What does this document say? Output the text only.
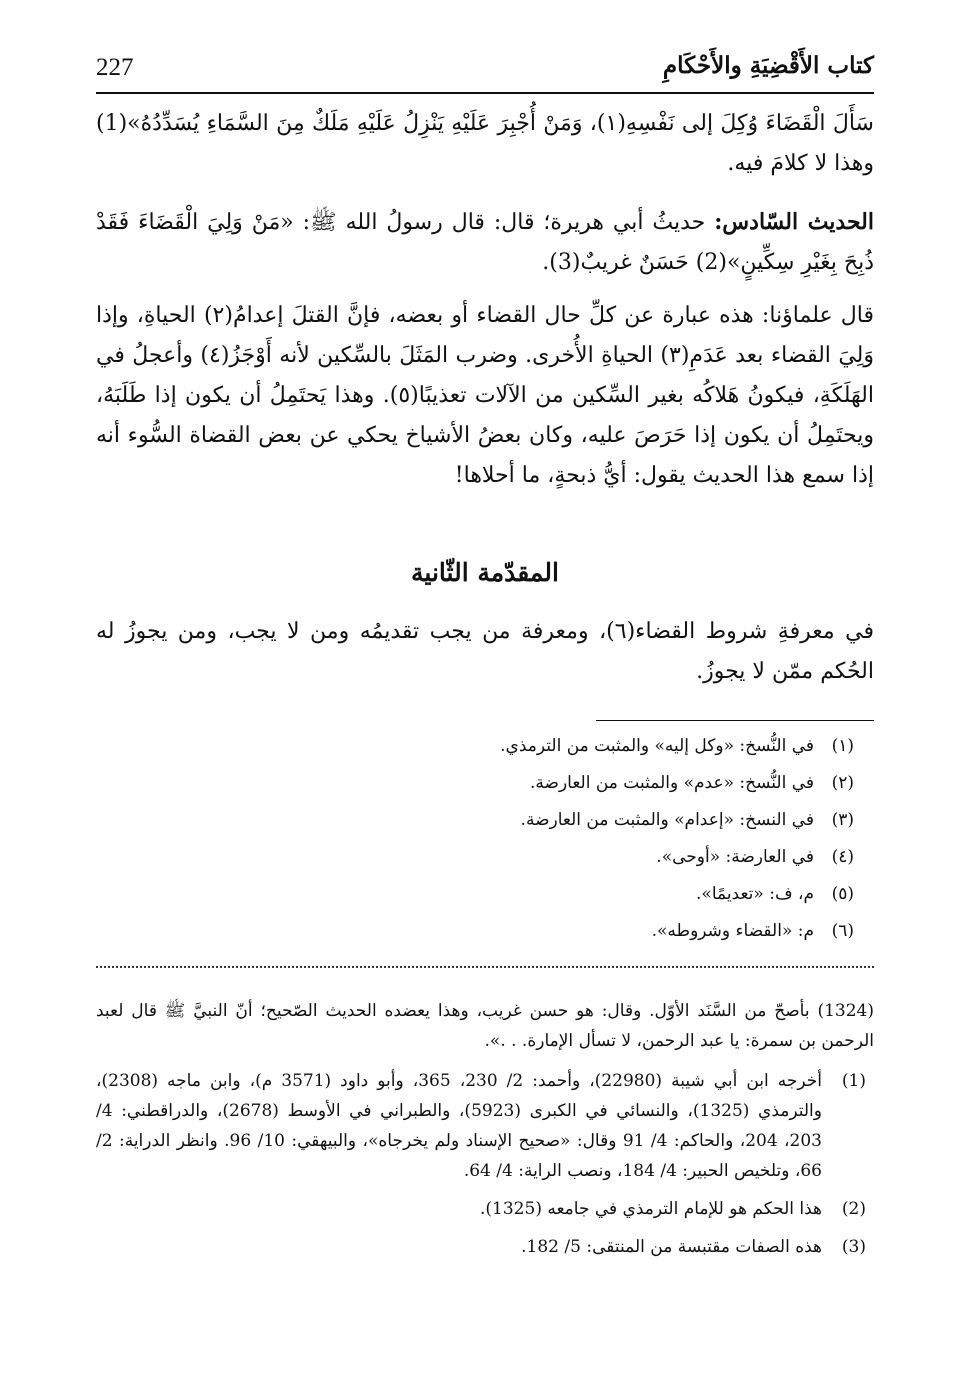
227	كتاب الأَقْضِيَةِ والأَحْكَامِ

سَأَلَ الْقَضَاءَ وُكِلَ إلى نَفْسِهِ(١)، وَمَنْ أُجْبِرَ عَلَيْهِ يَنْزِلُ عَلَيْهِ مَلَكٌ مِنَ السَّمَاءِ يُسَدِّدُهُ»(1) وهذا لا كلامَ فيه.

الحديث السّادس: حديثُ أبي هريرة؛ قال: قال رسولُ الله ﷺ: «مَنْ وَلِيَ الْقَضَاءَ فَقَدْ ذُبِحَ بِغَيْرِ سِكِّينٍ»(2) حَسَنٌ غريبٌ(3).

قال علماؤنا: هذه عبارة عن كلِّ حال القضاء أو بعضه، فإنَّ القتلَ إعدامُ(٢) الحياةِ، وإذا وَلِيَ القضاء بعد عَدَمِ(٣) الحياةِ الأُخرى. وضرب المَثَلَ بالسِّكين لأنه أَوْجَزُ(٤) وأعجلُ في الهَلَكَةِ، فيكونُ هَلاكُه بغير السِّكين من الآلات تعذيبًا(٥). وهذا يَحتَمِلُ أن يكون إذا طَلَبَهُ، ويحتَمِلُ أن يكون إذا حَرَصَ عليه، وكان بعضُ الأشياخ يحكي عن بعض القضاة السُّوء أنه إذا سمع هذا الحديث يقول: أيُّ ذبحةٍ، ما أحلاها!

المقدّمة الثّانية

في معرفةِ شروط القضاء(٦)، ومعرفة من يجب تقديمُه ومن لا يجب، ومن يجوزُ له الحُكم ممّن لا يجوزُ.

(١)
في النُّسخ: «وكل إليه» والمثبت من الترمذي.
(٢)
في النُّسخ: «عدم» والمثبت من العارضة.
(٣)
في النسخ: «إعدام» والمثبت من العارضة.
(٤)
في العارضة: «أوحى».
(٥)
م، ف: «تعديمًا».
(٦)
م: «القضاء وشروطه».
(1324) بأصحّ من السَّنَد الأوّل. وقال: هو حسن غريب، وهذا يعضده الحديث الصّحيح؛ أنّ النبيَّ ﷺ قال لعبد الرحمن بن سمرة: يا عبد الرحمن، لا تسأل الإمارة. . .».
(1)
أخرجه ابن أبي شيبة (22980)، وأحمد: 2/ 230، 365، وأبو داود (3571 م)، وابن ماجه (2308)، والترمذي (1325)، والنسائي في الكبرى (5923)، والطبراني في الأوسط (2678)، والدراقطني: 4/ 203، 204، والحاكم: 4/ 91 وقال: «صحيح الإسناد ولم يخرجاه»، والبيهقي: 10/ 96. وانظر الدراية: 2/ 66، وتلخيص الحبير: 4/ 184، ونصب الراية: 4/ 64.
(2)
هذا الحكم هو للإمام الترمذي في جامعه (1325).
(3)
هذه الصفات مقتبسة من المنتقى: 5/ 182.
